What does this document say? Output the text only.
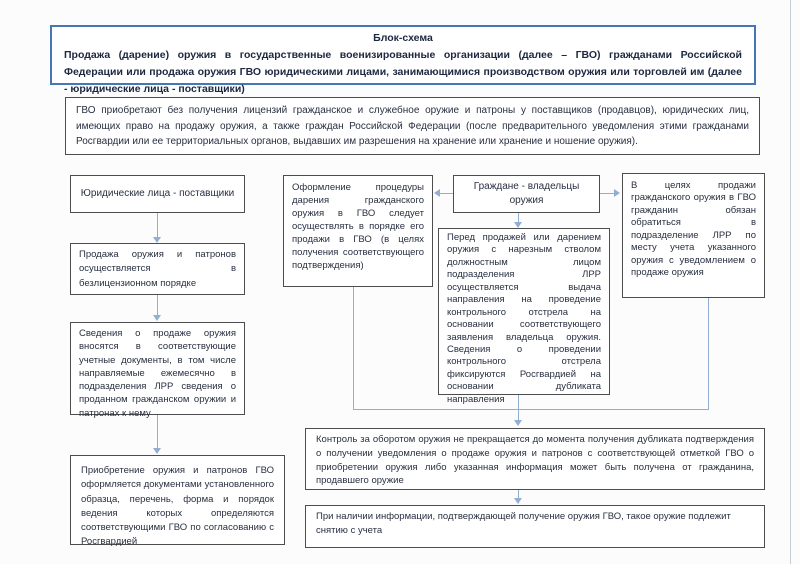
Блок-схема
Продажа (дарение) оружия в государственные военизированные организации (далее – ГВО) гражданами Российской Федерации или продажа оружия ГВО юридическими лицами, занимающимися производством оружия или торговлей им (далее - юридические лица - поставщики)
ГВО приобретают без получения лицензий гражданское и служебное оружие и патроны у поставщиков (продавцов), юридических лиц, имеющих право на продажу оружия, а также граждан Российской Федерации (после предварительного уведомления этими гражданами Росгвардии или ее территориальных органов, выдавших им разрешения на хранение или хранение и ношение оружия).
Юридические лица - поставщики
Продажа оружия и патронов осуществляется в безлицензионном порядке
Сведения о продаже оружия вносятся в соответствующие учетные документы, в том числе направляемые ежемесячно в подразделения ЛРР сведения о проданном гражданском оружии и патронах к нему
Приобретение оружия и патронов ГВО оформляется документами установленного образца, перечень, форма и порядок ведения которых определяются соответствующими ГВО по согласованию с Росгвардией
Оформление процедуры дарения гражданского оружия в ГВО следует осуществлять в порядке его продажи в ГВО (в целях получения соответствующего подтверждения)
Граждане - владельцы оружия
Перед продажей или дарением оружия с нарезным стволом должностным лицом подразделения ЛРР осуществляется выдача направления на проведение контрольного отстрела на основании соответствующего заявления владельца оружия. Сведения о проведении контрольного отстрела фиксируются Росгвардией на основании дубликата направления
В целях продажи гражданского оружия в ГВО гражданин обязан обратиться в подразделение ЛРР по месту учета указанного оружия с уведомлением о продаже оружия
Контроль за оборотом оружия не прекращается до момента получения дубликата подтверждения о получении уведомления о продаже оружия и патронов с соответствующей отметкой ГВО о приобретении оружия либо указанная информация может быть получена от гражданина, продавшего оружие
При наличии информации, подтверждающей получение оружия ГВО, такое оружие подлежит снятию с учета
